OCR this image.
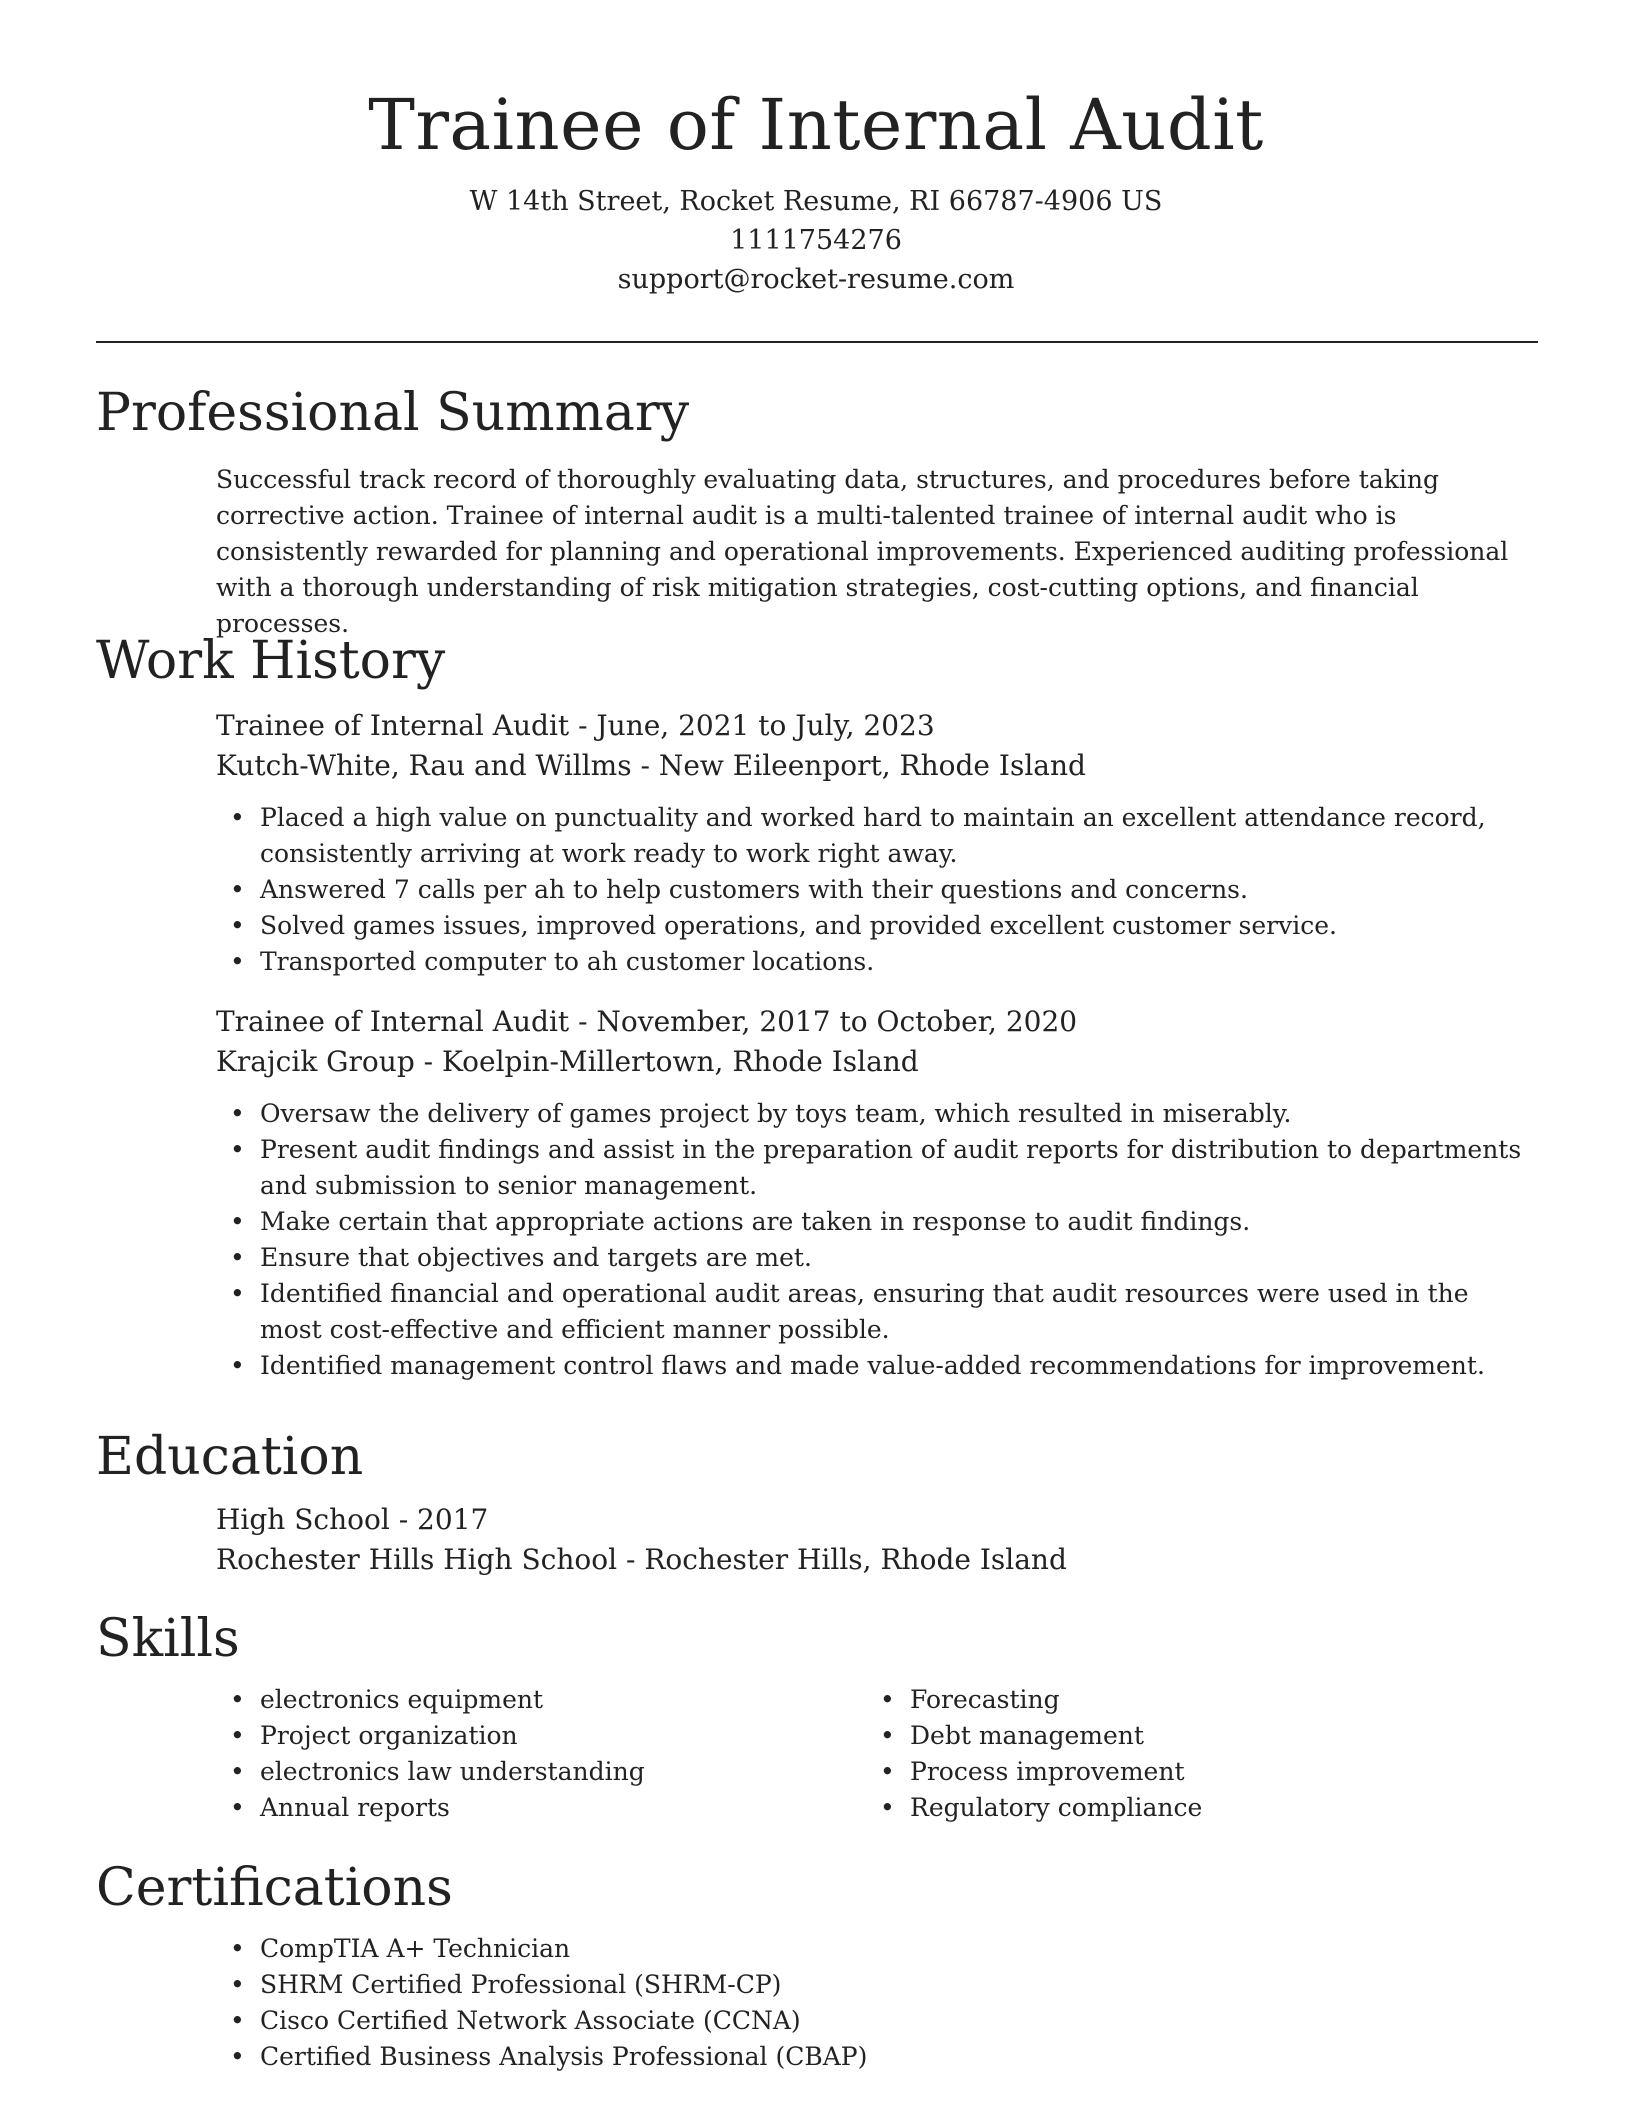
Trainee of Internal Audit
W 14th Street, Rocket Resume, RI 66787-4906 US
1111754276
support@rocket-resume.com
Professional Summary

Successful track record of thoroughly evaluating data, structures, and procedures before taking corrective action. Trainee of internal audit is a multi-talented trainee of internal audit who is consistently rewarded for planning and operational improvements. Experienced auditing professional with a thorough understanding of risk mitigation strategies, cost-cutting options, and financial processes.

Work History
Trainee of Internal Audit - June, 2021 to July, 2023
Kutch-White, Rau and Willms - New Eileenport, Rhode Island
• Placed a high value on punctuality and worked hard to maintain an excellent attendance record, consistently arriving at work ready to work right away.
• Answered 7 calls per ah to help customers with their questions and concerns.
• Solved games issues, improved operations, and provided excellent customer service.
• Transported computer to ah customer locations.
Trainee of Internal Audit - November, 2017 to October, 2020
Krajcik Group - Koelpin-Millertown, Rhode Island
• Oversaw the delivery of games project by toys team, which resulted in miserably.
• Present audit findings and assist in the preparation of audit reports for distribution to departments and submission to senior management.
• Make certain that appropriate actions are taken in response to audit findings.
• Ensure that objectives and targets are met.
• Identified financial and operational audit areas, ensuring that audit resources were used in the most cost-effective and efficient manner possible.
• Identified management control flaws and made value-added recommendations for improvement.
Education
High School - 2017
Rochester Hills High School - Rochester Hills, Rhode Island
Skills
• electronics equipment
• Project organization
• electronics law understanding
• Annual reports
• Forecasting
• Debt management
• Process improvement
• Regulatory compliance
Certifications
• CompTIA A+ Technician
• SHRM Certified Professional (SHRM-CP)
• Cisco Certified Network Associate (CCNA)
• Certified Business Analysis Professional (CBAP)
